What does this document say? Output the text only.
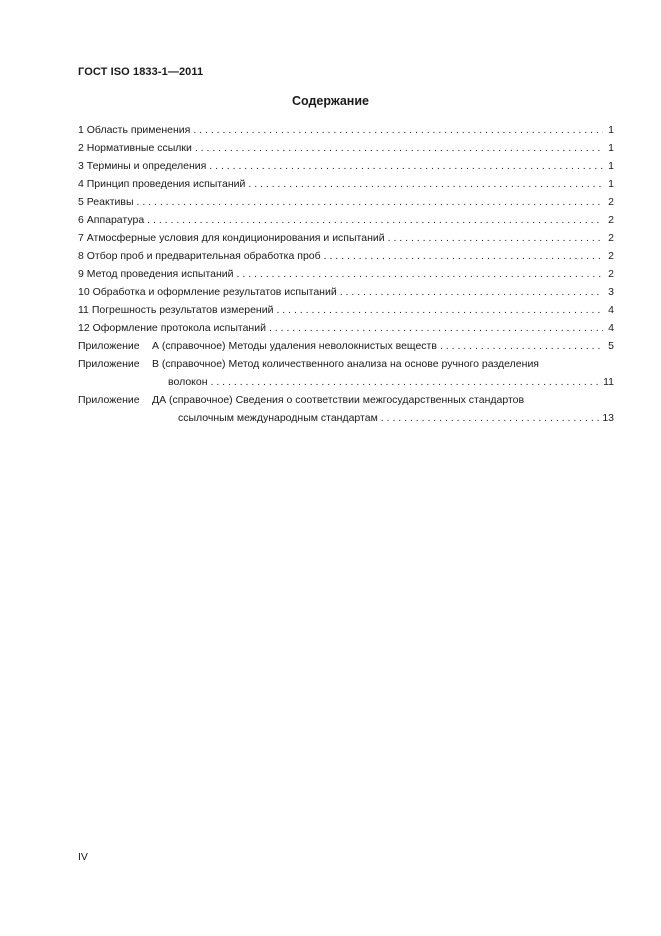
ГОСТ ISO 1833-1—2011
Содержание
1 Область применения . . .	1
2 Нормативные ссылки . . .	1
3 Термины и определения . . .	1
4 Принцип проведения испытаний . . .	1
5 Реактивы . . .	2
6 Аппаратура . . .	2
7 Атмосферные условия для кондиционирования и испытаний . . .	2
8 Отбор проб и предварительная обработка проб . . .	2
9 Метод проведения испытаний . . .	2
10 Обработка и оформление результатов испытаний . . .	3
11 Погрешность результатов измерений . . .	4
12 Оформление протокола испытаний . . .	4
Приложение А (справочное) Методы удаления неволокнистых веществ . . .	5
Приложение В (справочное) Метод количественного анализа на основе ручного разделения
волокон . . .	11
Приложение ДА (справочное) Сведения о соответствии межгосударственных стандартов
ссылочным международным стандартам . . .	13
IV
